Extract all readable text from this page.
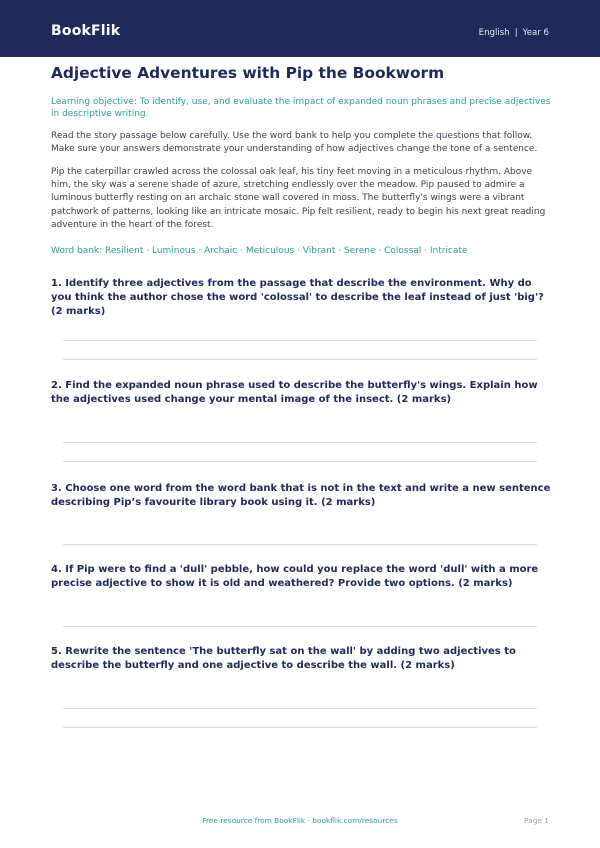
BookFlik	English | Year 6
Adjective Adventures with Pip the Bookworm

Learning objective: To identify, use, and evaluate the impact of expanded noun phrases and precise adjectives in descriptive writing.

Read the story passage below carefully. Use the word bank to help you complete the questions that follow. Make sure your answers demonstrate your understanding of how adjectives change the tone of a sentence.

Pip the caterpillar crawled across the colossal oak leaf, his tiny feet moving in a meticulous rhythm. Above him, the sky was a serene shade of azure, stretching endlessly over the meadow. Pip paused to admire a luminous butterfly resting on an archaic stone wall covered in moss. The butterfly's wings were a vibrant patchwork of patterns, looking like an intricate mosaic. Pip felt resilient, ready to begin his next great reading adventure in the heart of the forest.

Word bank: Resilient · Luminous · Archaic · Meticulous · Vibrant · Serene · Colossal · Intricate

1. Identify three adjectives from the passage that describe the environment. Why do you think the author chose the word 'colossal' to describe the leaf instead of just 'big'? (2 marks)

2. Find the expanded noun phrase used to describe the butterfly's wings. Explain how the adjectives used change your mental image of the insect. (2 marks)

3. Choose one word from the word bank that is not in the text and write a new sentence describing Pip’s favourite library book using it. (2 marks)

4. If Pip were to find a 'dull' pebble, how could you replace the word 'dull' with a more precise adjective to show it is old and weathered? Provide two options. (2 marks)

5. Rewrite the sentence 'The butterfly sat on the wall' by adding two adjectives to describe the butterfly and one adjective to describe the wall. (2 marks)

Free resource from BookFlik · bookflik.com/resources	Page 1
